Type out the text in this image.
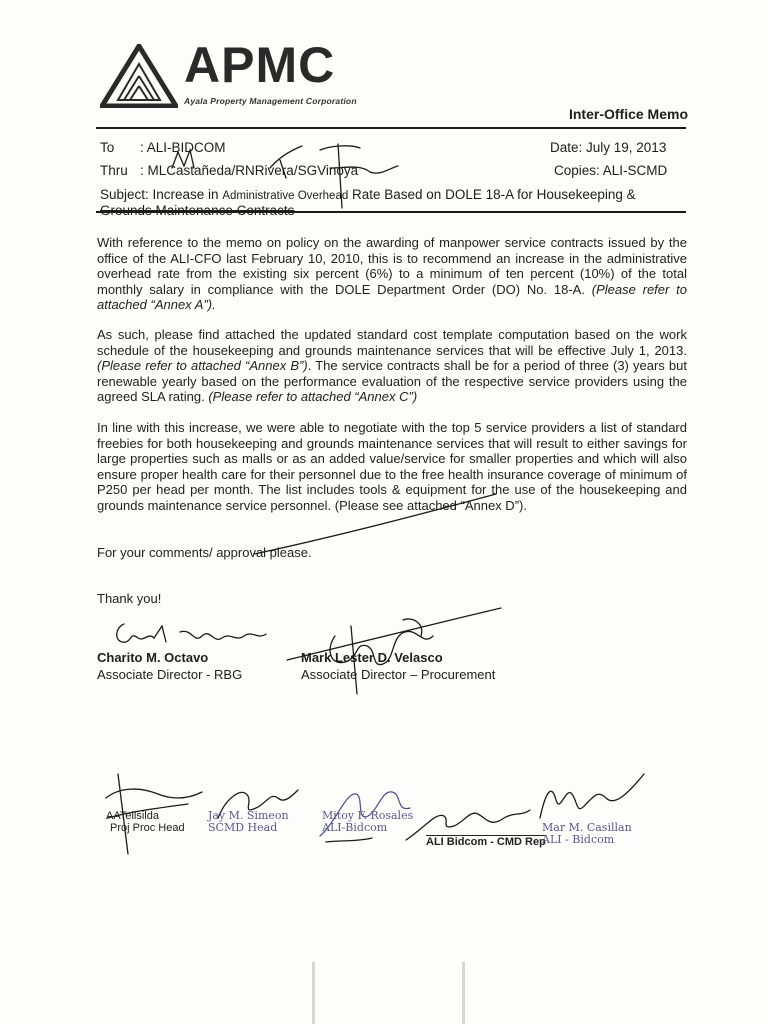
APMC
Ayala Property Management Corporation
Inter-Office Memo
To : ALI-BIDCOM
Thru : MLCastañeda/RNRivera/SGVinoya
Date: July 19, 2013
Copies: ALI-SCMD
Subject: Increase in Administrative Overhead Rate Based on DOLE 18-A for Housekeeping &
With reference to the memo on policy on the awarding of manpower service contracts issued by the office of the ALI-CFO last February 10, 2010, this is to recommend an increase in the administrative overhead rate from the existing six percent (6%) to a minimum of ten percent (10%) of the total monthly salary in compliance with the DOLE Department Order (DO) No. 18-A. (Please refer to attached “Annex A”).
As such, please find attached the updated standard cost template computation based on the work schedule of the housekeeping and grounds maintenance services that will be effective July 1, 2013. (Please refer to attached “Annex B”). The service contracts shall be for a period of three (3) years but renewable yearly based on the performance evaluation of the respective service providers using the agreed SLA rating. (Please refer to attached “Annex C”)
In line with this increase, we were able to negotiate with the top 5 service providers a list of standard freebies for both housekeeping and grounds maintenance services that will result to either savings for large properties such as malls or as an added value/service for smaller properties and which will also ensure proper health care for their personnel due to the free health insurance coverage of minimum of P250 per head per month. The list includes tools & equipment for the use of the housekeeping and grounds maintenance service personnel. (Please see attached “Annex D”).
For your comments/ approval please.
Thank you!
Charito M. Octavo
Associate Director - RBG
Mark Lester D. Velasco
Associate Director – Procurement
AATeilsilda
Proj Proc Head
Jay M. Simeon
SCMD Head
Mitoy F. Rosales
ALI-Bidcom
ALI Bidcom - CMD Rep
Mar M. Casillan
ALI - Bidcom
